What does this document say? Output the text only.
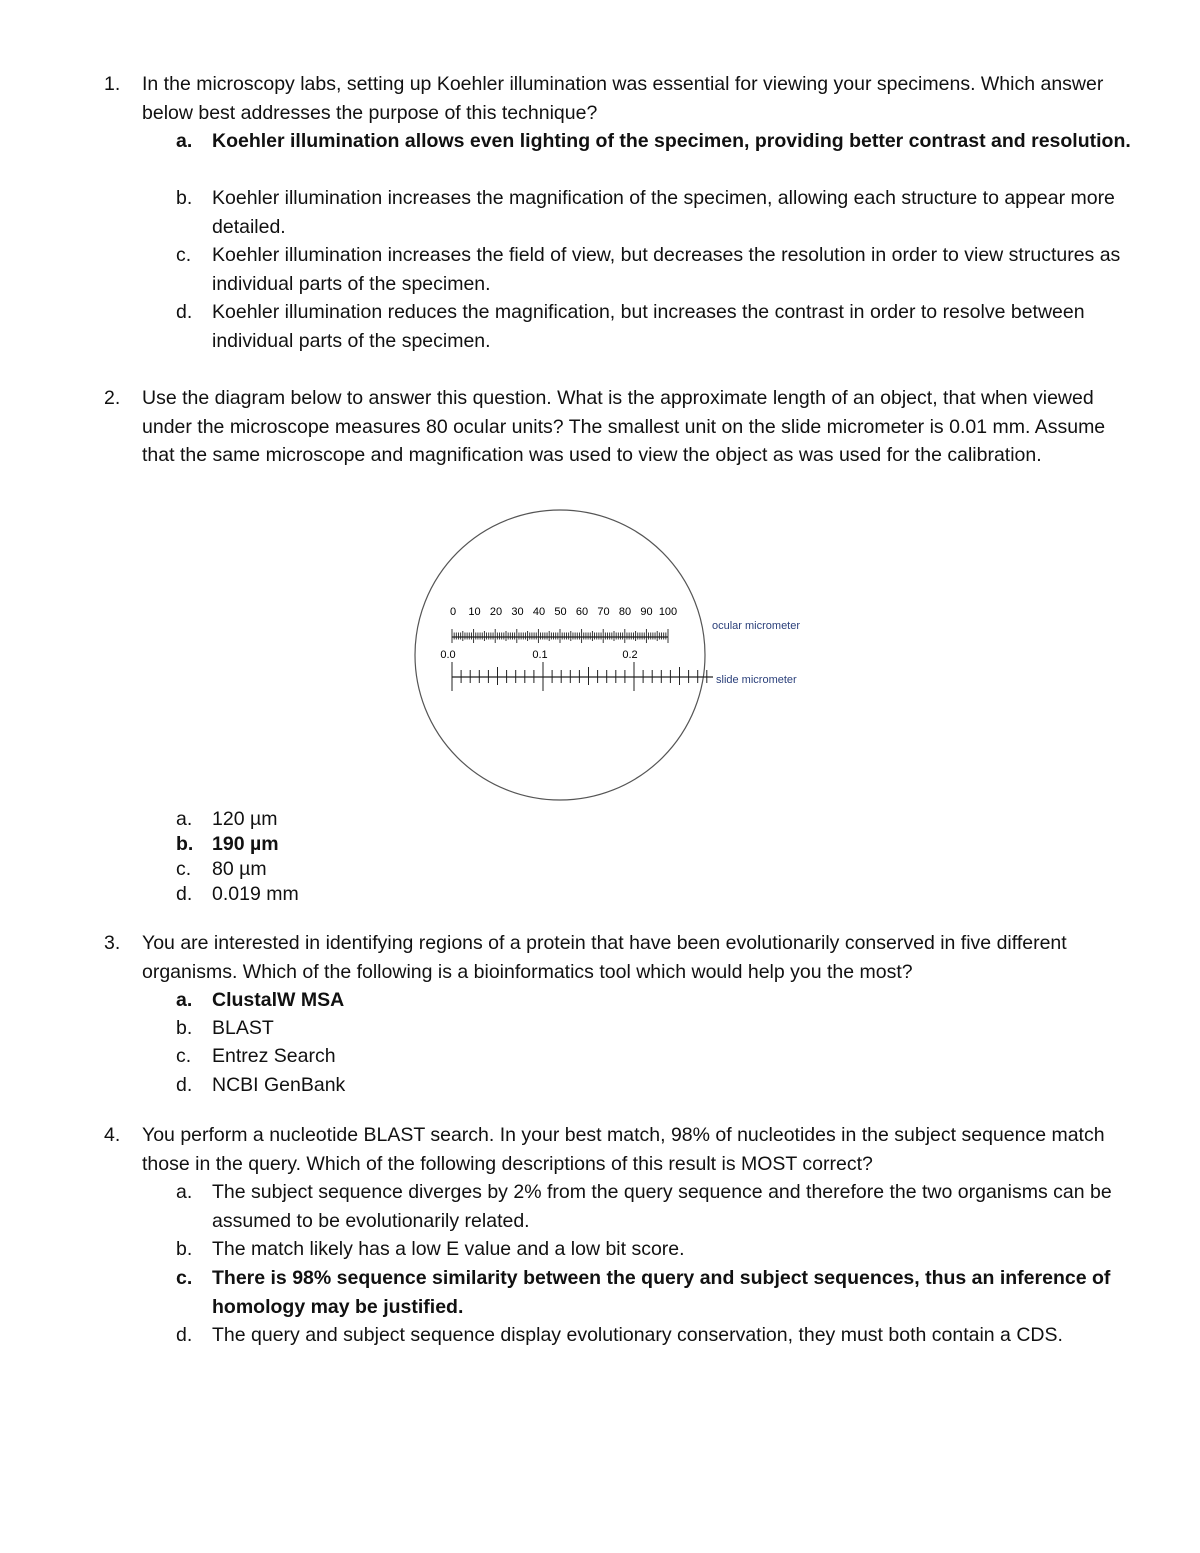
1.	In the microscopy labs, setting up Koehler illumination was essential for viewing your specimens. Which answer below best addresses the purpose of this technique?
a.	Koehler illumination allows even lighting of the specimen, providing better contrast and resolution.
b.	Koehler illumination increases the magnification of the specimen, allowing each structure to appear more detailed.
c.	Koehler illumination increases the field of view, but decreases the resolution in order to view structures as individual parts of the specimen.
d.	Koehler illumination reduces the magnification, but increases the contrast in order to resolve between individual parts of the specimen.
2.	Use the diagram below to answer this question. What is the approximate length of an object, that when viewed under the microscope measures 80 ocular units? The smallest unit on the slide micrometer is 0.01 mm. Assume that the same microscope and magnification was used to view the object as was used for the calibration.
0 10 20 30 40 50 60 70 80 90 100
ocular micrometer
0.0	0.1	0.2
slide micrometer
a.	120 µm
b. 190 µm
c.	80 µm
d.	0.019 mm
3.	You are interested in identifying regions of a protein that have been evolutionarily conserved in five different organisms. Which of the following is a bioinformatics tool which would help you the most?
a.	ClustalW MSA
b.	BLAST
c.	Entrez Search
d.	NCBI GenBank
4.	You perform a nucleotide BLAST search. In your best match, 98% of nucleotides in the subject sequence match those in the query. Which of the following descriptions of this result is MOST correct?
a.	The subject sequence diverges by 2% from the query sequence and therefore the two organisms can be assumed to be evolutionarily related.
b.	The match likely has a low E value and a low bit score.
c.	There is 98% sequence similarity between the query and subject sequences, thus an inference of homology may be justified.
d.	The query and subject sequence display evolutionary conservation, they must both contain a CDS.
